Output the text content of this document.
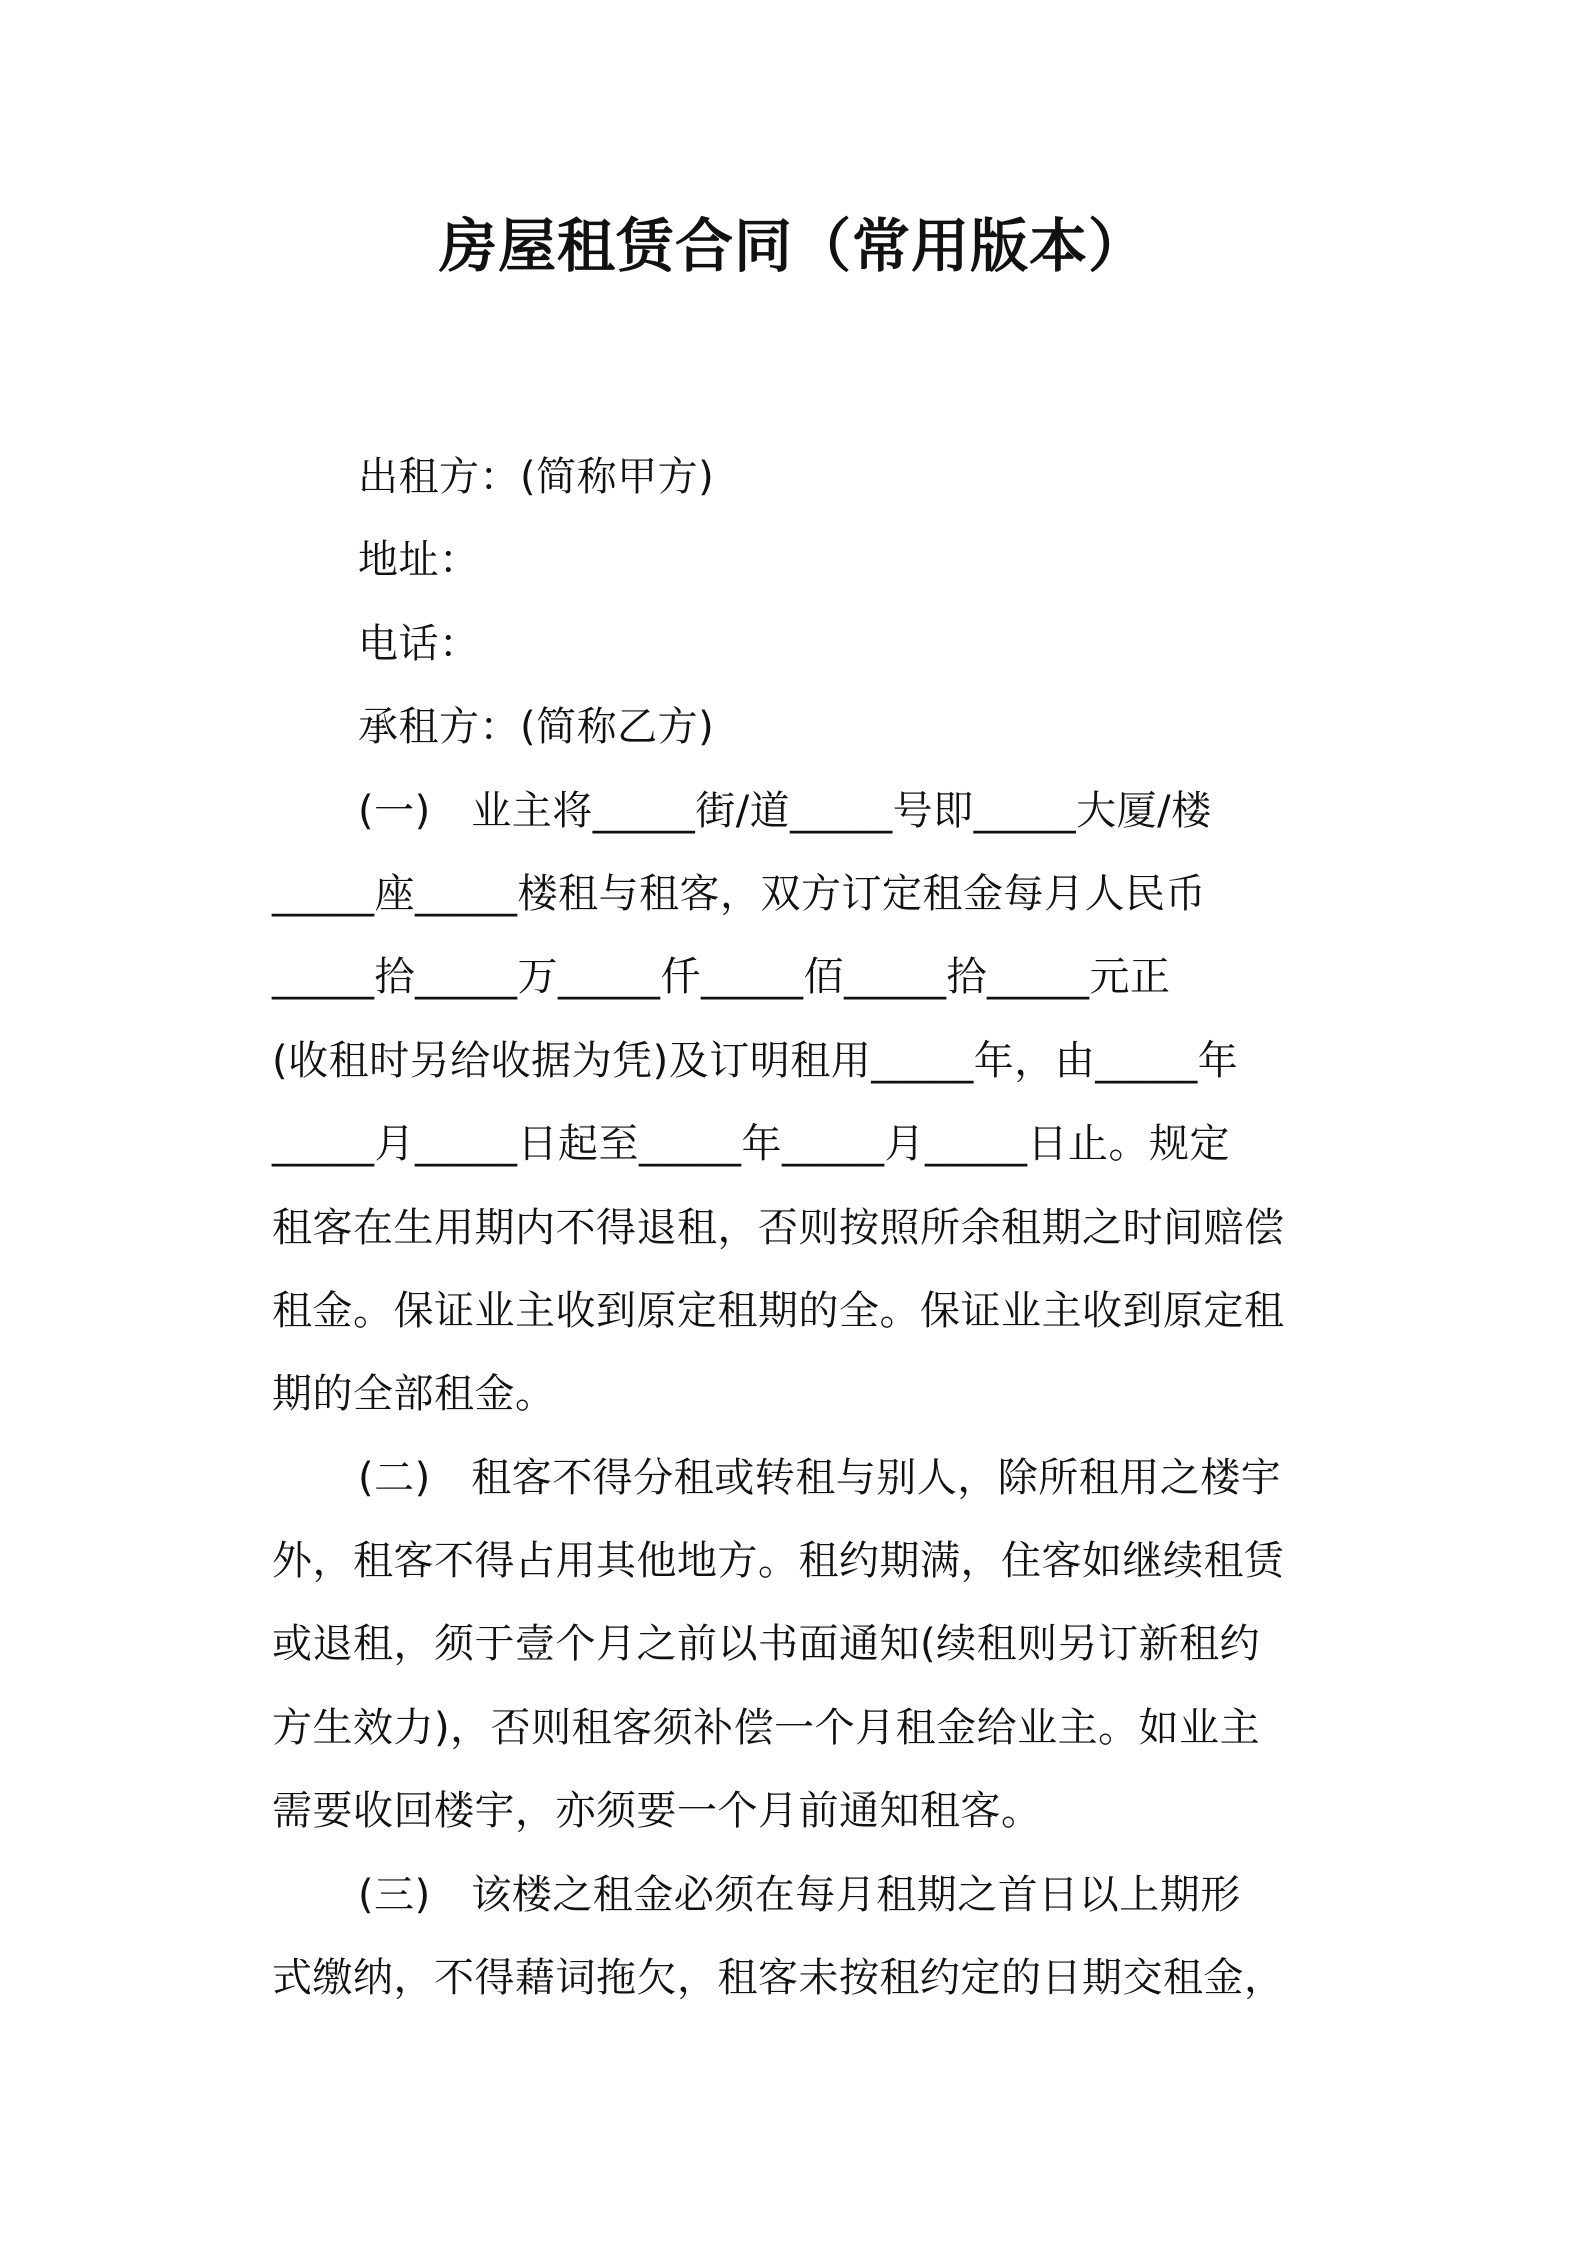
房屋租赁合同（常用版本）
出租方：(简称甲方)
地址：
电话：
承租方：(简称乙方)
(一)　业主将_____街/道_____号即_____大厦/楼
_____座_____楼租与租客，双方订定租金每月人民币
_____拾_____万_____仟_____佰_____拾_____元正
(收租时另给收据为凭)及订明租用_____年，由_____年
_____月_____日起至_____年_____月_____日止。规定
租客在生用期内不得退租，否则按照所余租期之时间赔偿
租金。保证业主收到原定租期的全。保证业主收到原定租
期的全部租金。
(二)　租客不得分租或转租与别人，除所租用之楼宇
外，租客不得占用其他地方。租约期满，住客如继续租赁
或退租，须于壹个月之前以书面通知(续租则另订新租约
方生效力)，否则租客须补偿一个月租金给业主。如业主
需要收回楼宇，亦须要一个月前通知租客。
(三)　该楼之租金必须在每月租期之首日以上期形
式缴纳，不得藉词拖欠，租客未按租约定的日期交租金，
